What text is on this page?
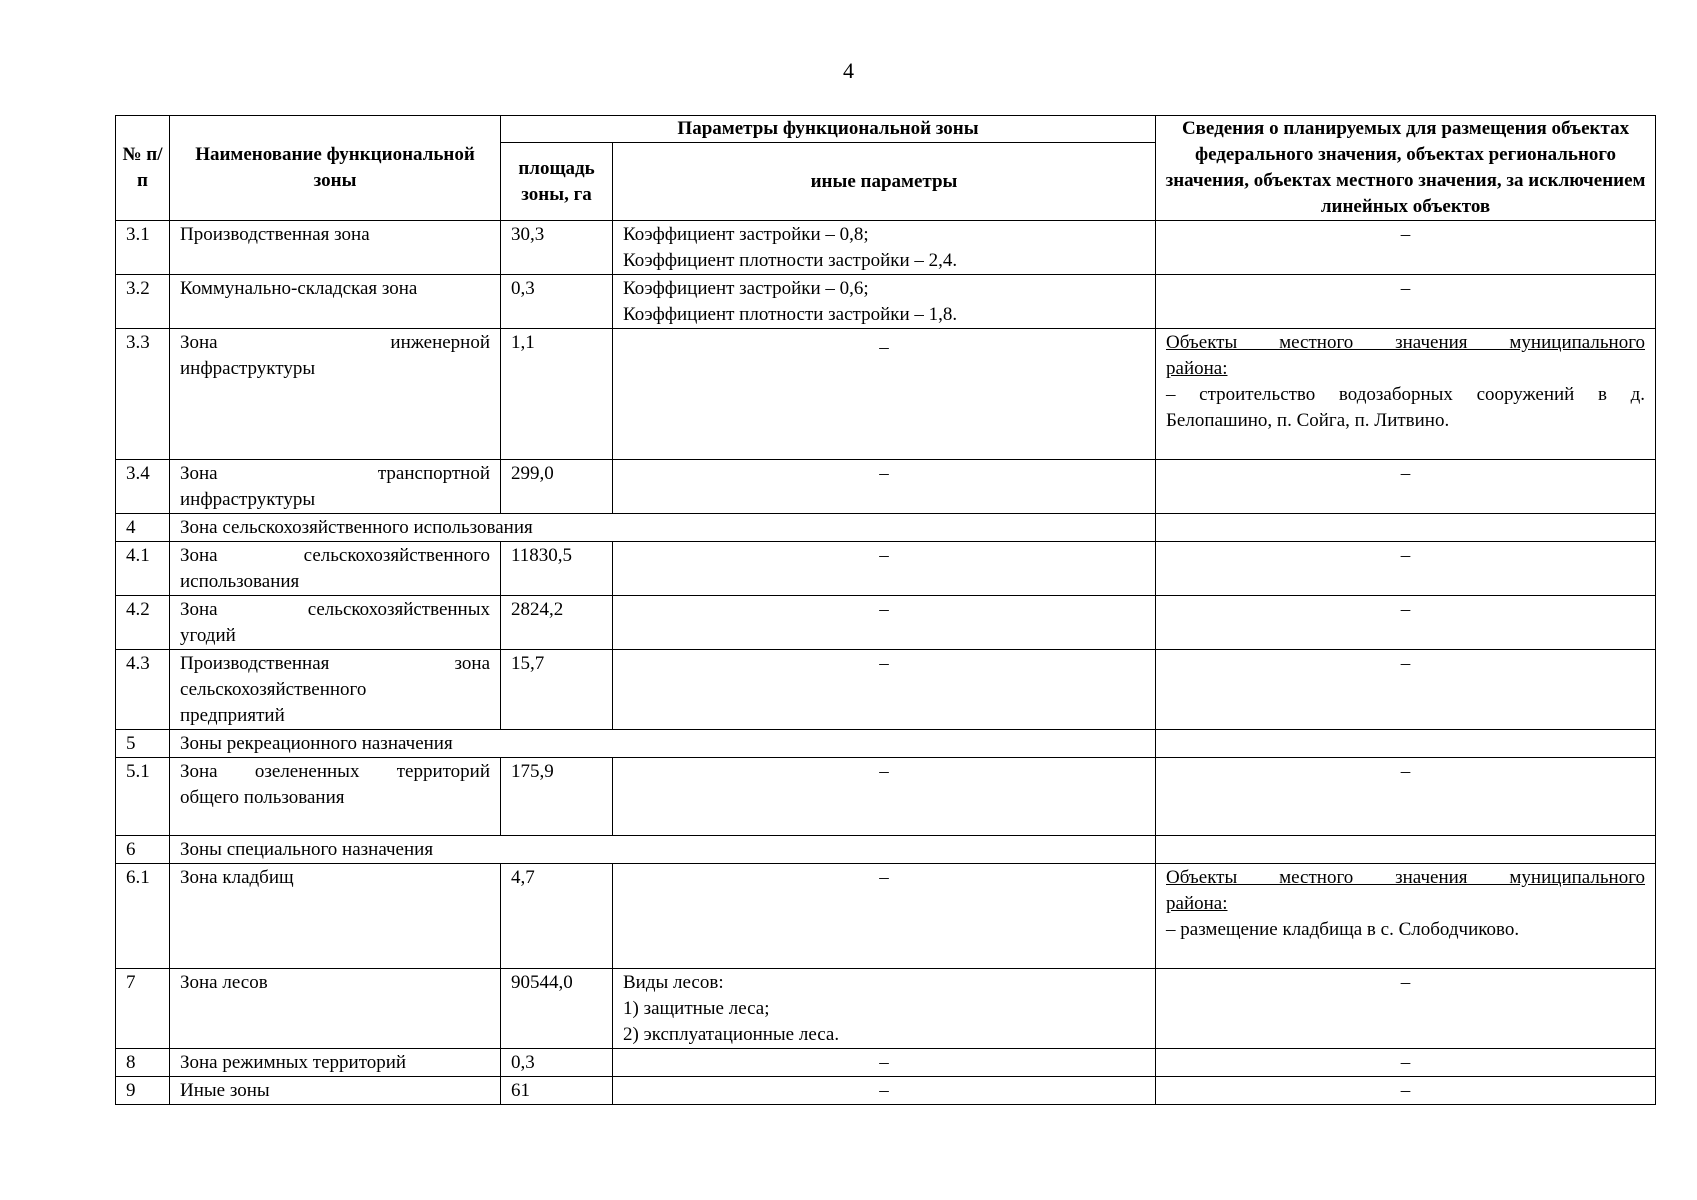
4
№ п/п	Наименование функциональной зоны	Параметры функциональной зоны		Сведения о планируемых для размещения объектах федерального значения, объектах регионального значения, объектах местного значения, за исключением линейных объектов
		площадь зоны, га	иные параметры	
3.1	Производственная зона	30,3	Коэффициент застройки – 0,8;
Коэффициент плотности застройки – 2,4.	–
3.2	Коммунально-складская зона	0,3	Коэффициент застройки – 0,6;
Коэффициент плотности застройки – 1,8.	–
3.3	Зона инженерной
инфраструктуры	1,1	–	Объекты местного значения муниципального
района:
– строительство водозаборных сооружений в д.
Белопашино, п. Сойга, п. Литвино.

3.4	Зона транспортной
инфраструктуры	299,0	–	–
4	Зона сельскохозяйственного использования			
4.1	Зона сельскохозяйственного
использования	11830,5	–	–
4.2	Зона сельскохозяйственных
угодий	2824,2	–	–
4.3	Производственная зона
сельскохозяйственного
предприятий	15,7	–	–
5	Зоны рекреационного назначения			
5.1	Зона озелененных территорий
общего пользования	175,9	–	–
6	Зоны специального назначения			
6.1	Зона кладбищ	4,7	–	Объекты местного значения муниципального
района:
– размещение кладбища в с. Слободчиково.

7	Зона лесов	90544,0	Виды лесов:
1) защитные леса;
2) эксплуатационные леса.	–
8	Зона режимных территорий	0,3	–	–
9	Иные зоны	61	–	–
